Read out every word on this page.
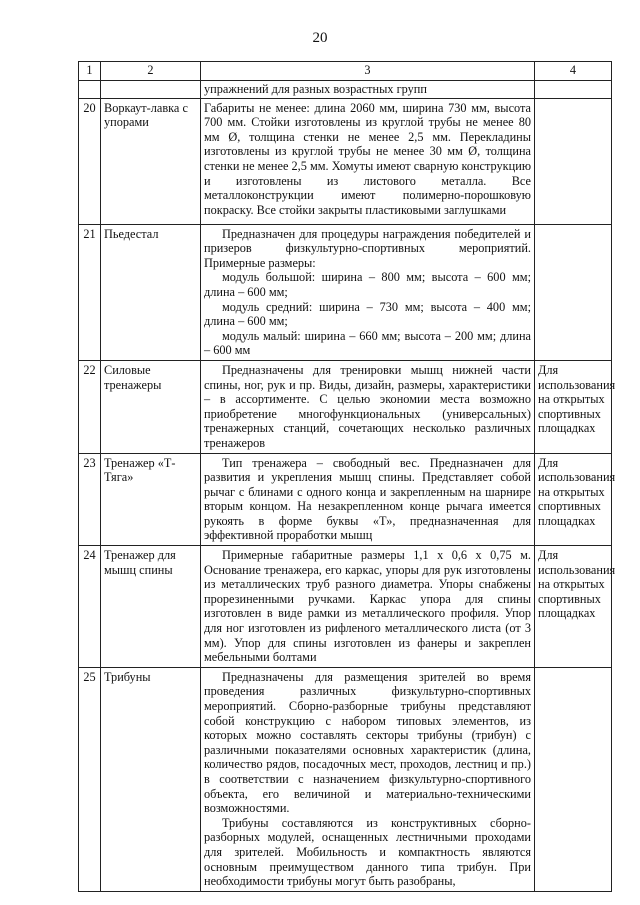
20
1	2	3	4
		упражнений для разных возрастных групп	
20	Воркаут-лавка с упорами	Габариты не менее: длина 2060 мм, ширина 730 мм, высота 700 мм. Стойки изготовлены из круглой трубы не менее 80 мм Ø, толщина стенки не менее 2,5 мм. Перекладины изготовлены из круглой трубы не менее 30 мм Ø, толщина стенки не менее 2,5 мм. Хомуты имеют сварную конструкцию и изготовлены из листового металла. Все металлоконструкции имеют полимерно-порошковую покраску. Все стойки закрыты пластиковыми заглушками	

21	Пьедестал	Предназначен для процедуры награждения победителей и призеров физкультурно-спортивных мероприятий. Примерные размеры:

модуль большой: ширина – 800 мм; высота – 600 мм; длина – 600 мм;

модуль средний: ширина – 730 мм; высота – 400 мм; длина – 600 мм;

модуль малый: ширина – 660 мм; высота – 200 мм; длина – 600 мм	

22	Силовые тренажеры	Предназначены для тренировки мышц нижней части спины, ног, рук и пр. Виды, дизайн, размеры, характеристики – в ассортименте. С целью экономии места возможно приобретение многофункциональных (универсальных) тренажерных станций, сочетающих несколько различных тренажеров	Для использования на открытых спортивных площадках
23	Тренажер «Т-Тяга»	Тип тренажера – свободный вес. Предназначен для развития и укрепления мышц спины. Представляет собой рычаг с блинами с одного конца и закрепленным на шарнире вторым концом. На незакрепленном конце рычага имеется рукоять в форме буквы «Т», предназначенная для эффективной проработки мышц	Для использования на открытых спортивных площадках
24	Тренажер для мышц спины	Примерные габаритные размеры 1,1 х 0,6 х 0,75 м. Основание тренажера, его каркас, упоры для рук изготовлены из металлических труб разного диаметра. Упоры снабжены прорезиненными ручками. Каркас упора для спины изготовлен в виде рамки из металлического профиля. Упор для ног изготовлен из рифленого металлического листа (от 3 мм). Упор для спины изготовлен из фанеры и закреплен мебельными болтами	Для использования на открытых спортивных площадках
25	Трибуны	Предназначены для размещения зрителей во время проведения различных физкультурно-спортивных мероприятий. Сборно-разборные трибуны представляют собой конструкцию с набором типовых элементов, из которых можно составлять секторы трибуны (трибун) с различными показателями основных характеристик (длина, количество рядов, посадочных мест, проходов, лестниц и пр.) в соответствии с назначением физкультурно-спортивного объекта, его величиной и материально-техническими возможностями.

Трибуны составляются из конструктивных сборно-разборных модулей, оснащенных лестничными проходами для зрителей. Мобильность и компактность являются основным преимуществом данного типа трибун. При необходимости трибуны могут быть разобраны,	
